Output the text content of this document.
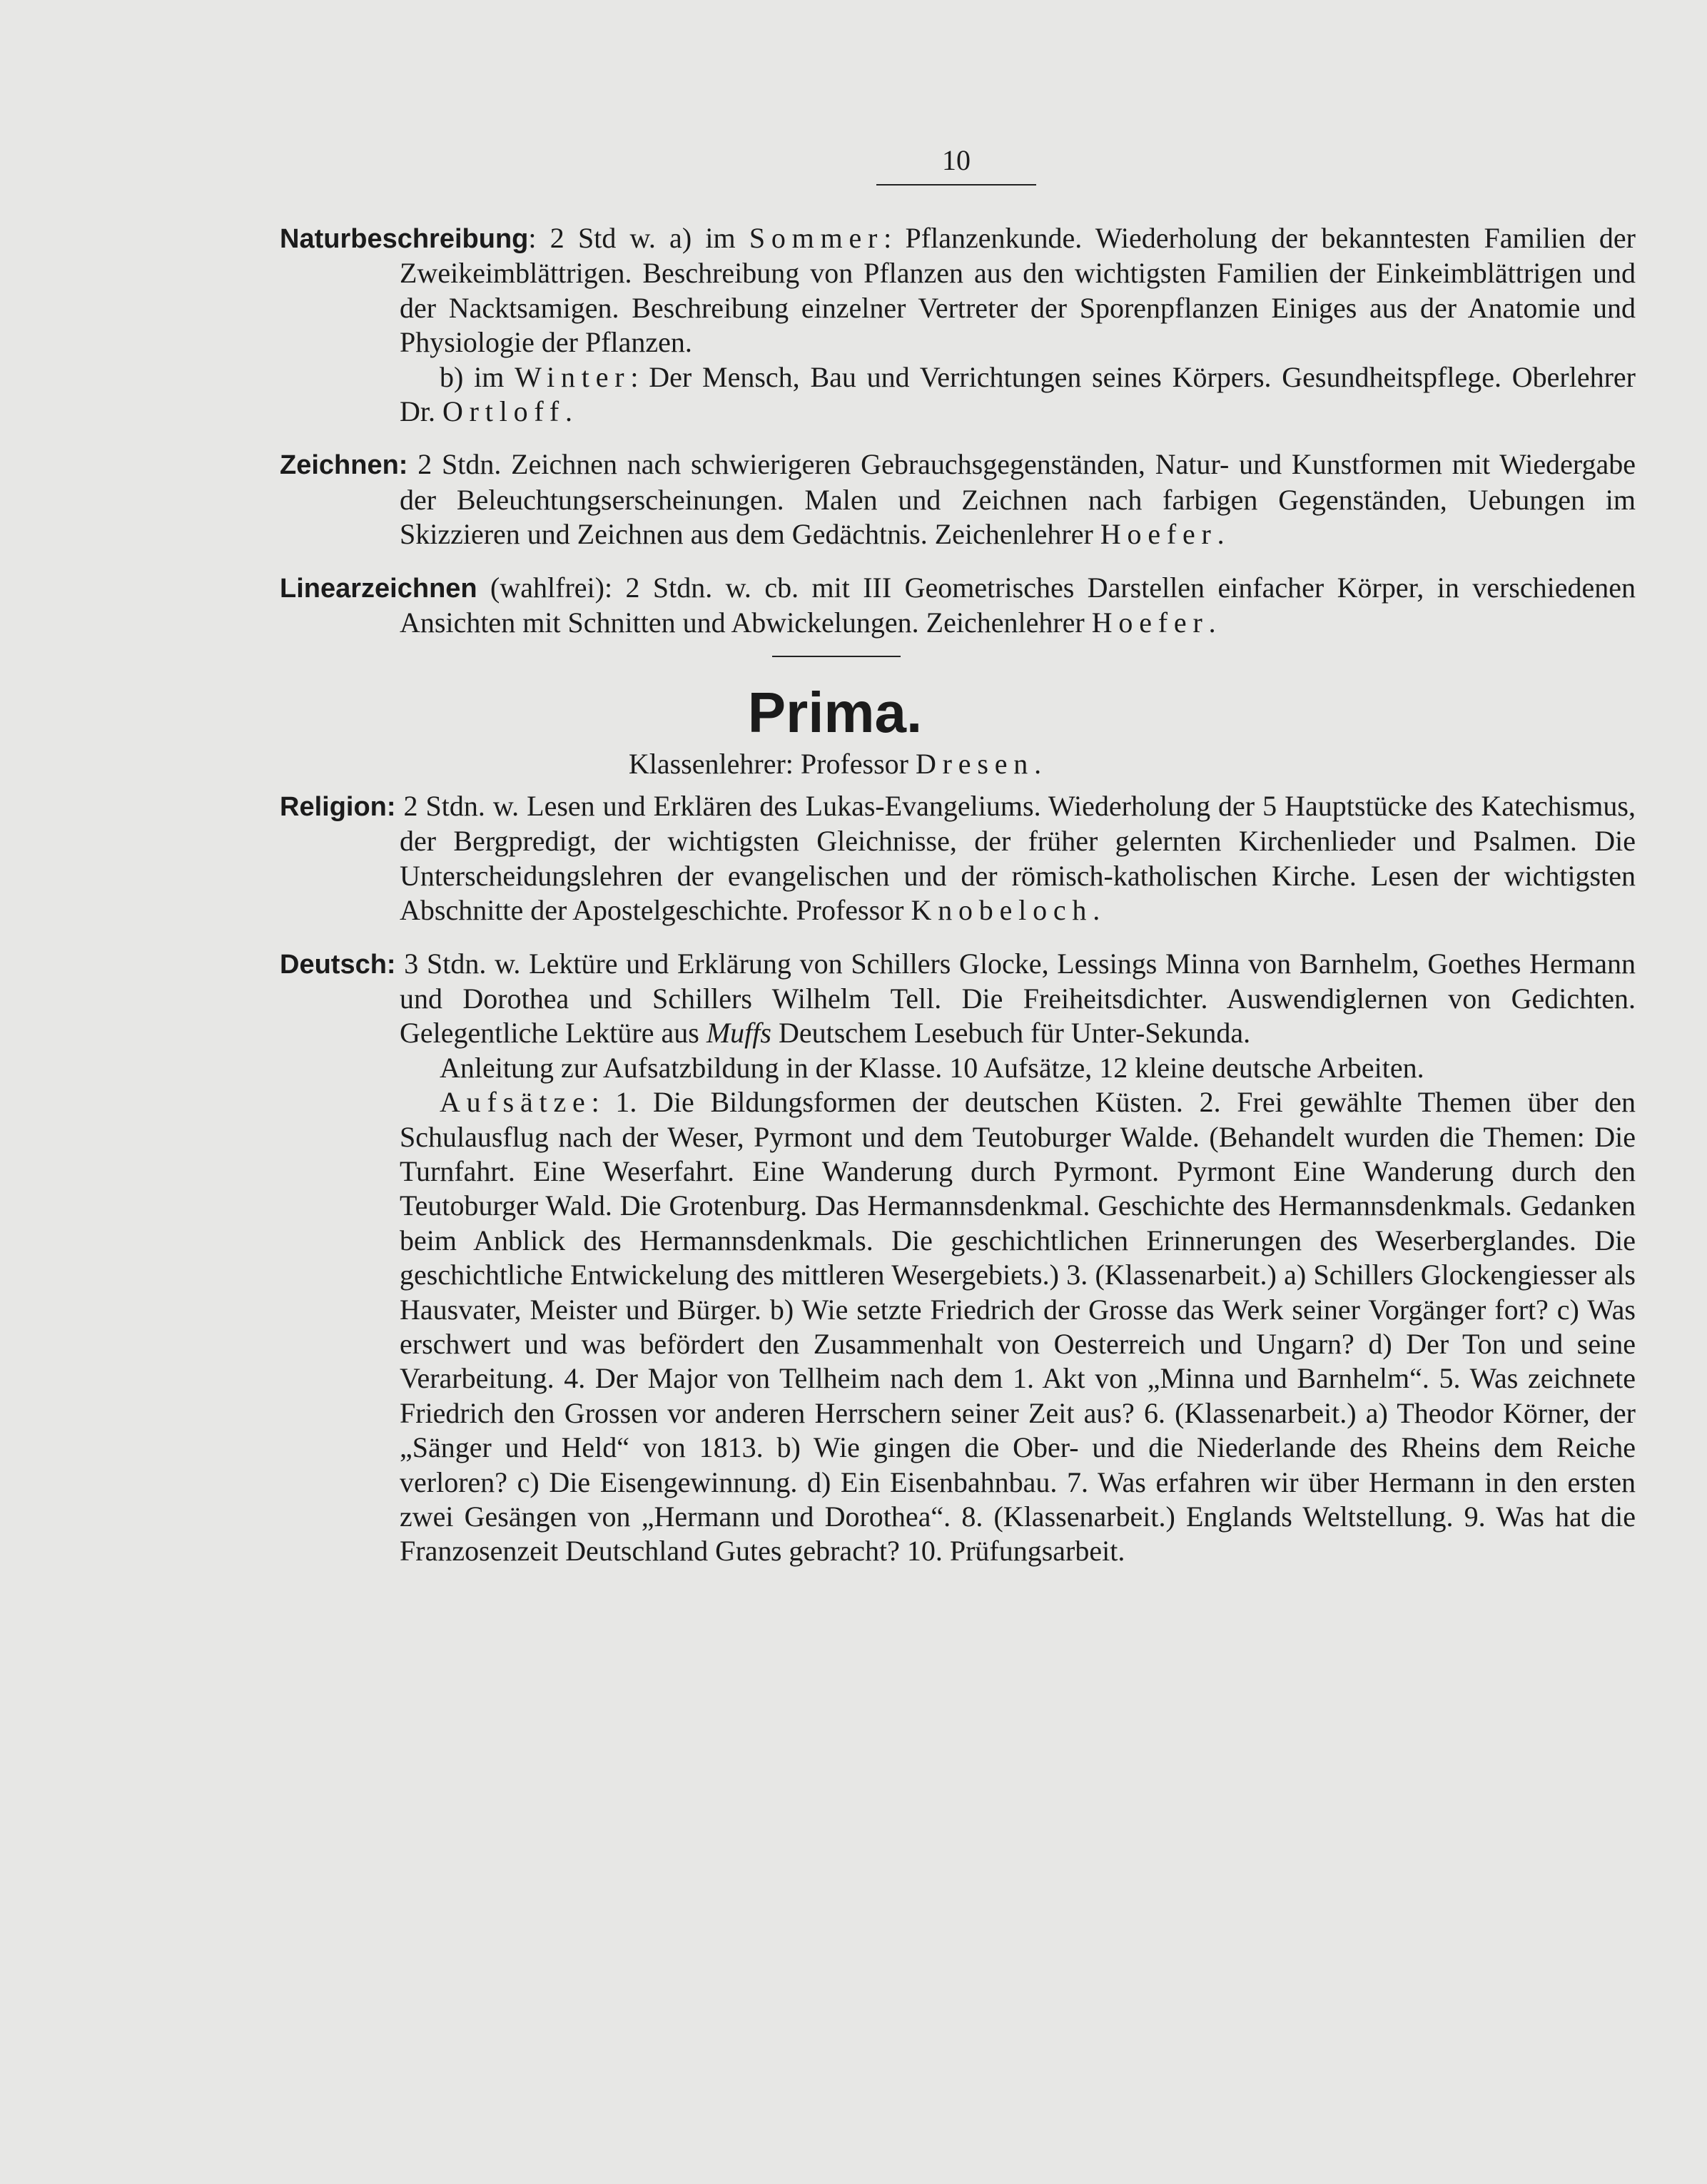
10

Naturbeschreibung: 2 Std w. a) im Sommer: Pflanzenkunde. Wiederholung der bekanntesten Familien der Zweikeimblättrigen. Beschreibung von Pflanzen aus den wichtigsten Familien der Einkeimblättrigen und der Nacktsamigen. Beschreibung einzelner Vertreter der Sporenpflanzen Einiges aus der Anatomie und Physiologie der Pflanzen.

b) im Winter: Der Mensch, Bau und Verrichtungen seines Körpers. Gesundheitspflege. Oberlehrer Dr. Ortloff.

Zeichnen: 2 Stdn. Zeichnen nach schwierigeren Gebrauchsgegenständen, Natur- und Kunstformen mit Wiedergabe der Beleuchtungserscheinungen. Malen und Zeichnen nach farbigen Gegenständen, Uebungen im Skizzieren und Zeichnen aus dem Gedächtnis. Zeichenlehrer Hoefer.

Linearzeichnen (wahlfrei): 2 Stdn. w. cb. mit III Geometrisches Darstellen einfacher Körper, in verschiedenen Ansichten mit Schnitten und Abwickelungen. Zeichenlehrer Hoefer.

Prima.

Klassenlehrer: Professor Dresen.

Religion: 2 Stdn. w. Lesen und Erklären des Lukas-Evangeliums. Wiederholung der 5 Hauptstücke des Katechismus, der Bergpredigt, der wichtigsten Gleichnisse, der früher gelernten Kirchenlieder und Psalmen. Die Unterscheidungslehren der evangelischen und der römisch-katholischen Kirche. Lesen der wichtigsten Abschnitte der Apostelgeschichte. Professor Knobeloch.

Deutsch: 3 Stdn. w. Lektüre und Erklärung von Schillers Glocke, Lessings Minna von Barnhelm, Goethes Hermann und Dorothea und Schillers Wilhelm Tell. Die Freiheitsdichter. Auswendiglernen von Gedichten. Gelegentliche Lektüre aus Muffs Deutschem Lesebuch für Unter-Sekunda.

Anleitung zur Aufsatzbildung in der Klasse. 10 Aufsätze, 12 kleine deutsche Arbeiten.

Aufsätze: 1. Die Bildungsformen der deutschen Küsten. 2. Frei gewählte Themen über den Schulausflug nach der Weser, Pyrmont und dem Teutoburger Walde. (Behandelt wurden die Themen: Die Turnfahrt. Eine Weserfahrt. Eine Wanderung durch Pyrmont. Pyrmont Eine Wanderung durch den Teutoburger Wald. Die Grotenburg. Das Hermannsdenkmal. Geschichte des Hermannsdenkmals. Gedanken beim Anblick des Hermannsdenkmals. Die geschichtlichen Erinnerungen des Weserberglandes. Die geschichtliche Entwickelung des mittleren Wesergebiets.) 3. (Klassenarbeit.) a) Schillers Glockengiesser als Hausvater, Meister und Bürger. b) Wie setzte Friedrich der Grosse das Werk seiner Vorgänger fort? c) Was erschwert und was befördert den Zusammenhalt von Oesterreich und Ungarn? d) Der Ton und seine Verarbeitung. 4. Der Major von Tellheim nach dem 1. Akt von „Minna und Barnhelm“. 5. Was zeichnete Friedrich den Grossen vor anderen Herrschern seiner Zeit aus? 6. (Klassenarbeit.) a) Theodor Körner, der „Sänger und Held“ von 1813. b) Wie gingen die Ober- und die Niederlande des Rheins dem Reiche verloren? c) Die Eisengewinnung. d) Ein Eisenbahnbau. 7. Was erfahren wir über Hermann in den ersten zwei Gesängen von „Hermann und Dorothea“. 8. (Klassenarbeit.) Englands Weltstellung. 9. Was hat die Franzosenzeit Deutschland Gutes gebracht? 10. Prüfungsarbeit.
